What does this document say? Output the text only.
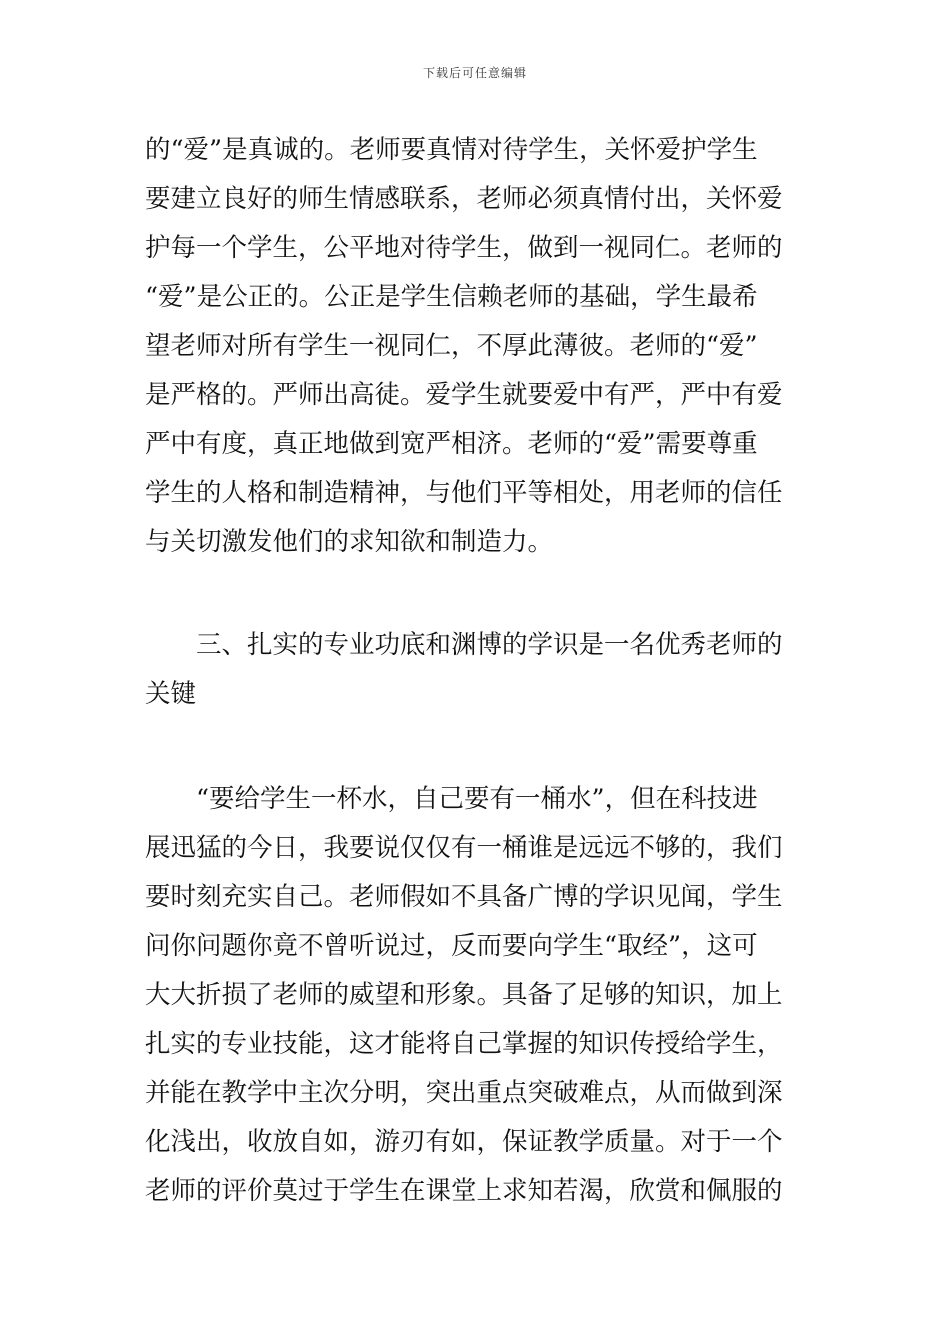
下载后可任意编辑
的“爱”是真诚的。老师要真情对待学生，关怀爱护学生
要建立良好的师生情感联系，老师必须真情付出，关怀爱
护每一个学生，公平地对待学生，做到一视同仁。老师的
“爱”是公正的。公正是学生信赖老师的基础，学生最希
望老师对所有学生一视同仁，不厚此薄彼。老师的“爱”
是严格的。严师出高徒。爱学生就要爱中有严，严中有爱
严中有度，真正地做到宽严相济。老师的“爱”需要尊重
学生的人格和制造精神，与他们平等相处，用老师的信任
与关切激发他们的求知欲和制造力。
　　三、扎实的专业功底和渊博的学识是一名优秀老师的
关键
　　“要给学生一杯水，自己要有一桶水”，但在科技进
展迅猛的今日，我要说仅仅有一桶谁是远远不够的，我们
要时刻充实自己。老师假如不具备广博的学识见闻，学生
问你问题你竟不曾听说过，反而要向学生“取经”，这可
大大折损了老师的威望和形象。具备了足够的知识，加上
扎实的专业技能，这才能将自己掌握的知识传授给学生，
并能在教学中主次分明，突出重点突破难点，从而做到深
化浅出，收放自如，游刃有如，保证教学质量。对于一个
老师的评价莫过于学生在课堂上求知若渴，欣赏和佩服的
